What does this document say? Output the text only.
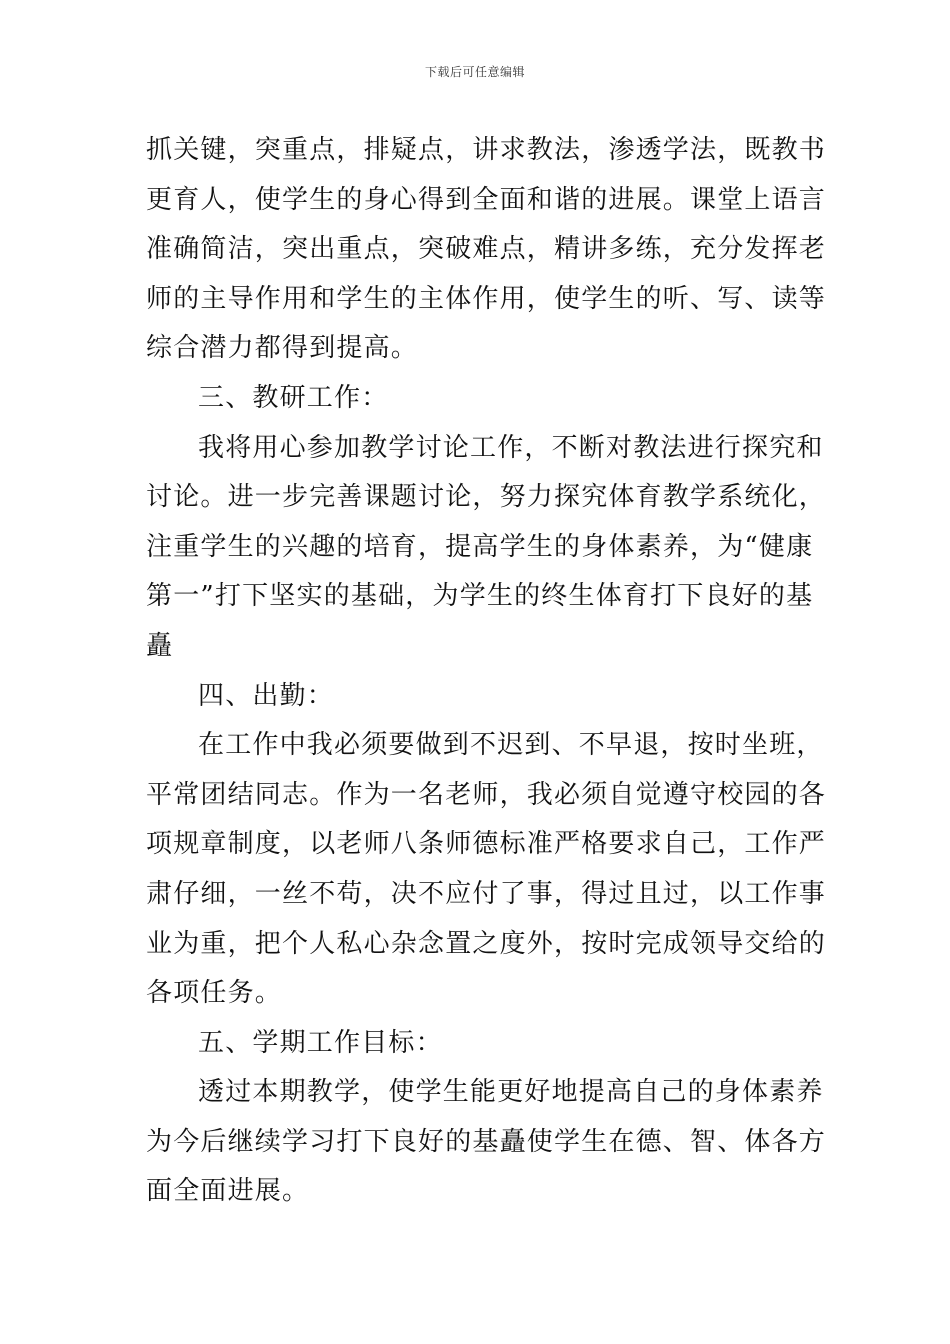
下载后可任意编辑
抓关键，突重点，排疑点，讲求教法，渗透学法，既教书
更育人，使学生的身心得到全面和谐的进展。课堂上语言
准确简洁，突出重点，突破难点，精讲多练，充分发挥老
师的主导作用和学生的主体作用，使学生的听、写、读等
综合潜力都得到提高。
三、教研工作：
我将用心参加教学讨论工作，不断对教法进行探究和
讨论。进一步完善课题讨论，努力探究体育教学系统化，
注重学生的兴趣的培育，提高学生的身体素养，为“健康
第一”打下坚实的基础，为学生的终生体育打下良好的基
矗
四、出勤：
在工作中我必须要做到不迟到、不早退，按时坐班，
平常团结同志。作为一名老师，我必须自觉遵守校园的各
项规章制度，以老师八条师德标准严格要求自己，工作严
肃仔细，一丝不苟，决不应付了事，得过且过，以工作事
业为重，把个人私心杂念置之度外，按时完成领导交给的
各项任务。
五、学期工作目标：
透过本期教学，使学生能更好地提高自己的身体素养
为今后继续学习打下良好的基矗使学生在德、智、体各方
面全面进展。
